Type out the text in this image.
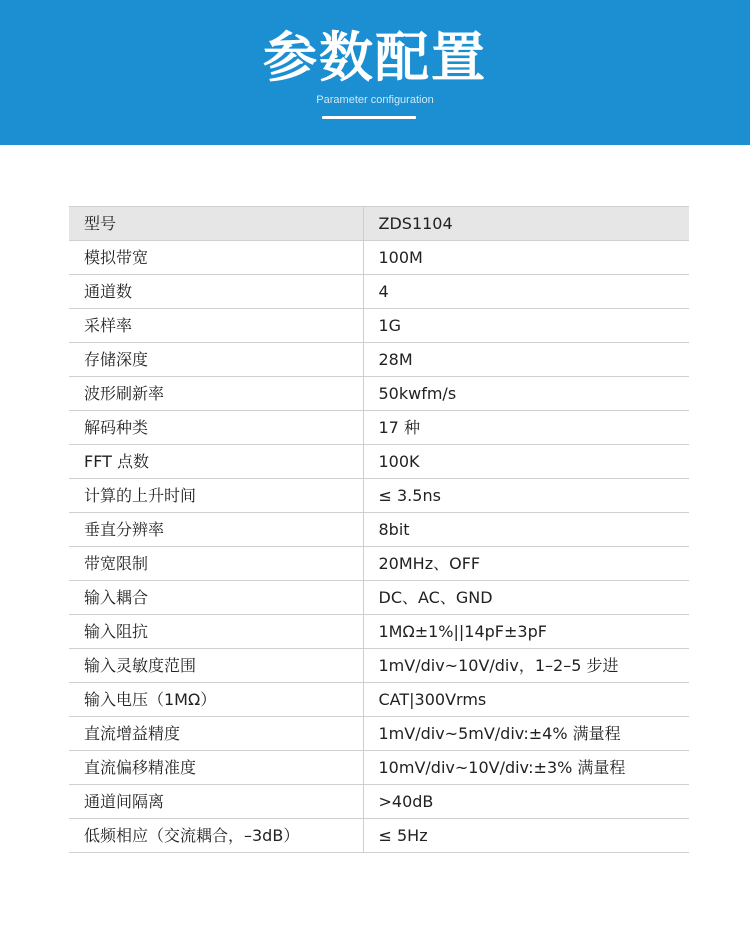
参数配置
Parameter configuration
型号	ZDS1104
模拟带宽	100M
通道数	4
采样率	1G
存储深度	28M
波形刷新率	50kwfm/s
解码种类	17 种
FFT 点数	100K
计算的上升时间	≤ 3.5ns
垂直分辨率	8bit
带宽限制	20MHz、OFF
输入耦合	DC、AC、GND
输入阻抗	1MΩ±1%||14pF±3pF
输入灵敏度范围	1mV/div~10V/div，1–2–5 步进
输入电压（1MΩ）	CAT|300Vrms
直流增益精度	1mV/div~5mV/div:±4% 满量程
直流偏移精准度	10mV/div~10V/div:±3% 满量程
通道间隔离	>40dB
低频相应（交流耦合，–3dB）	≤ 5Hz
